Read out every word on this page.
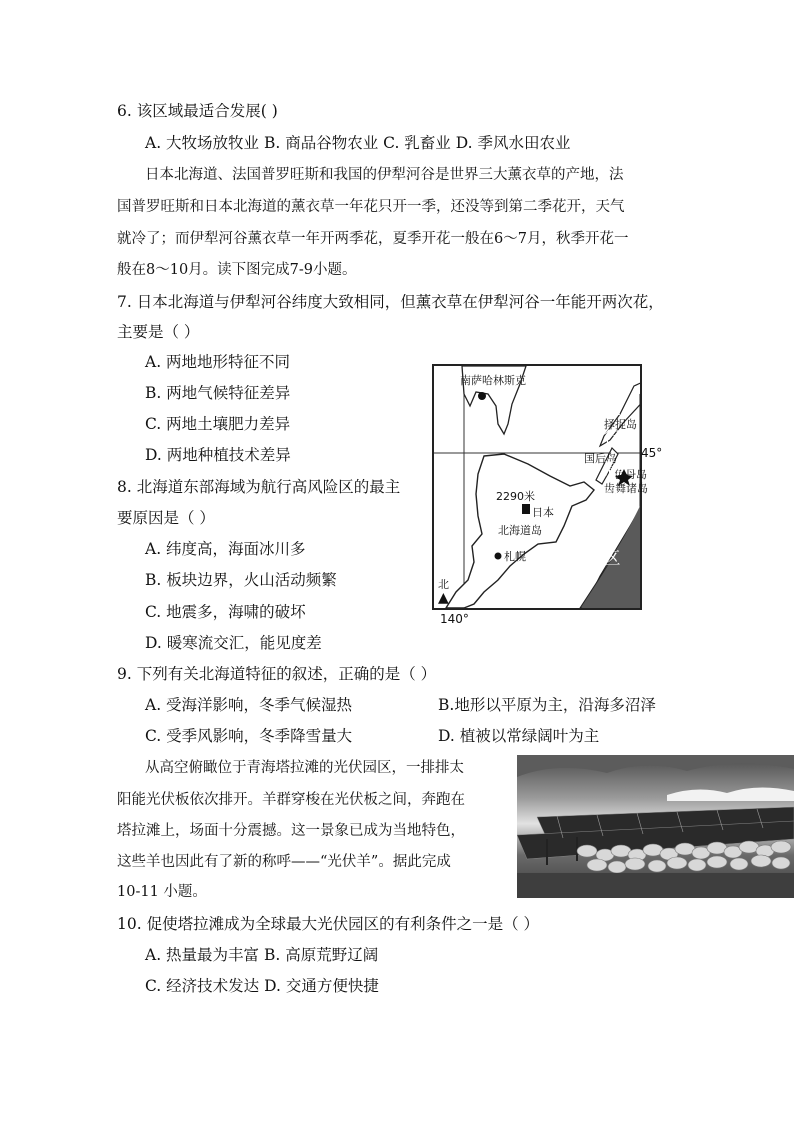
6. 该区域最适合发展( )
A. 大牧场放牧业 B. 商品谷物农业 C. 乳畜业 D. 季风水田农业
日本北海道、法国普罗旺斯和我国的伊犁河谷是世界三大薰衣草的产地，法
国普罗旺斯和日本北海道的薰衣草一年花只开一季，还没等到第二季花开，天气
就冷了；而伊犁河谷薰衣草一年开两季花，夏季开花一般在6～7月，秋季开花一
般在8～10月。读下图完成7-9小题。
7. 日本北海道与伊犁河谷纬度大致相同，但薰衣草在伊犁河谷一年能开两次花，
主要是（ ）
A. 两地地形特征不同
B. 两地气候特征差异
C. 两地土壤肥力差异
D. 两地种植技术差异
8. 北海道东部海域为航行高风险区的最主
要原因是（ ）
A. 纬度高，海面冰川多
B. 板块边界，火山活动频繁
C. 地震多，海啸的破坏
D. 暖寒流交汇，能见度差
南萨哈林斯克
择捉岛
国后岛
色丹岛
齿舞诸岛
2290米
日本
北海道岛
札幌
北
▲
航
行
高
风
险
区
45°
140°
9. 下列有关北海道特征的叙述，正确的是（ ）
A. 受海洋影响，冬季气候湿热	B.地形以平原为主，沿海多沼泽
C. 受季风影响，冬季降雪量大	D. 植被以常绿阔叶为主
从高空俯瞰位于青海塔拉滩的光伏园区，一排排太
阳能光伏板依次排开。羊群穿梭在光伏板之间，奔跑在
塔拉滩上，场面十分震撼。这一景象已成为当地特色，
这些羊也因此有了新的称呼——“光伏羊”。据此完成
10-11 小题。
10. 促使塔拉滩成为全球最大光伏园区的有利条件之一是（ ）
A. 热量最为丰富 B. 高原荒野辽阔
C. 经济技术发达 D. 交通方便快捷
